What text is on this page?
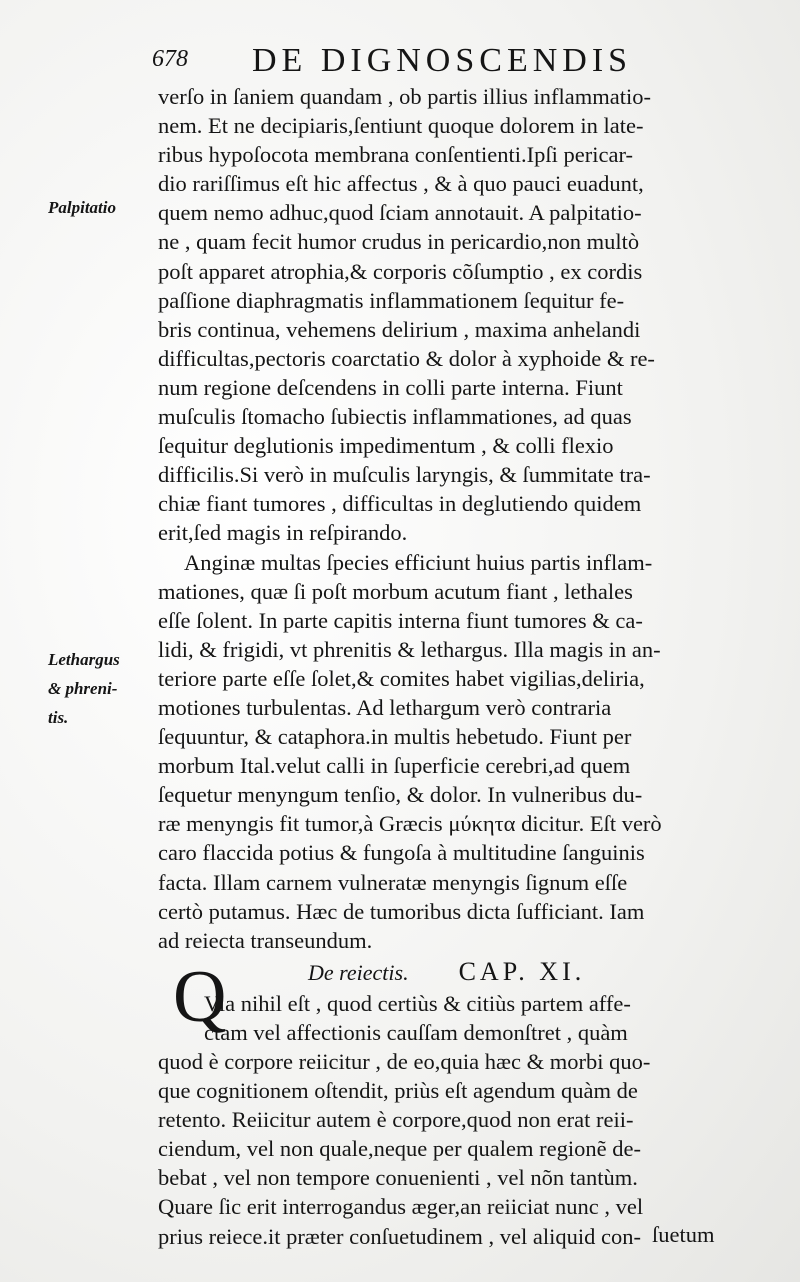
678 DE DIGNOSCENDIS
Palpitatio
Lethargus
& phreni-
tis.
verſo in ſaniem quandam , ob partis illius inflammatio-
nem. Et ne decipiaris,ſentiunt quoque dolorem in late-
ribus hypoſocota membrana conſentienti.Ipſi pericar-
dio rariſſimus eſt hic affectus , & à quo pauci euadunt,
quem nemo adhuc,quod ſciam annotauit. A palpitatio-
ne , quam fecit humor crudus in pericardio,non multò
poſt apparet atrophia,& corporis cõſumptio , ex cordis
paſſione diaphragmatis inflammationem ſequitur fe-
bris continua, vehemens delirium , maxima anhelandi
difficultas,pectoris coarctatio & dolor à xyphoide & re-
num regione deſcendens in colli parte interna. Fiunt
muſculis ſtomacho ſubiectis inflammationes, ad quas
ſequitur deglutionis impedimentum , & colli flexio
difficilis.Si verò in muſculis laryngis, & ſummitate tra-
chiæ fiant tumores , difficultas in deglutiendo quidem
erit,ſed magis in reſpirando.
Anginæ multas ſpecies efficiunt huius partis inflam-
mationes, quæ ſi poſt morbum acutum fiant , lethales
eſſe ſolent. In parte capitis interna fiunt tumores & ca-
lidi, & frigidi, vt phrenitis & lethargus. Illa magis in an-
teriore parte eſſe ſolet,& comites habet vigilias,deliria,
motiones turbulentas. Ad lethargum verò contraria
ſequuntur, & cataphora.in multis hebetudo. Fiunt per
morbum Ital.velut calli in ſuperficie cerebri,ad quem
ſequetur menyngum tenſio, & dolor. In vulneribus du-
ræ menyngis fit tumor,à Græcis μύκητα dicitur. Eſt verò
caro flaccida potius & fungoſa à multitudine ſanguinis
facta. Illam carnem vulneratæ menyngis ſignum eſſe
certò putamus. Hæc de tumoribus dicta ſufficiant. Iam
ad reiecta transeundum.
De reiectis. CAP. XI.
Via nihil eſt , quod certiùs & citiùs partem affe-
ctam vel affectionis cauſſam demonſtret , quàm
quod è corpore reiicitur , de eo,quia hæc & morbi quo-
que cognitionem oſtendit, priùs eſt agendum quàm de
retento. Reiicitur autem è corpore,quod non erat reii-
ciendum, vel non quale,neque per qualem regionẽ de-
bebat , vel non tempore conuenienti , vel nõn tantùm.
Quare ſic erit interrogandus æger,an reiiciat nunc , vel
prius reiece.it præter conſuetudinem , vel aliquid con-
Q
ſuetum
